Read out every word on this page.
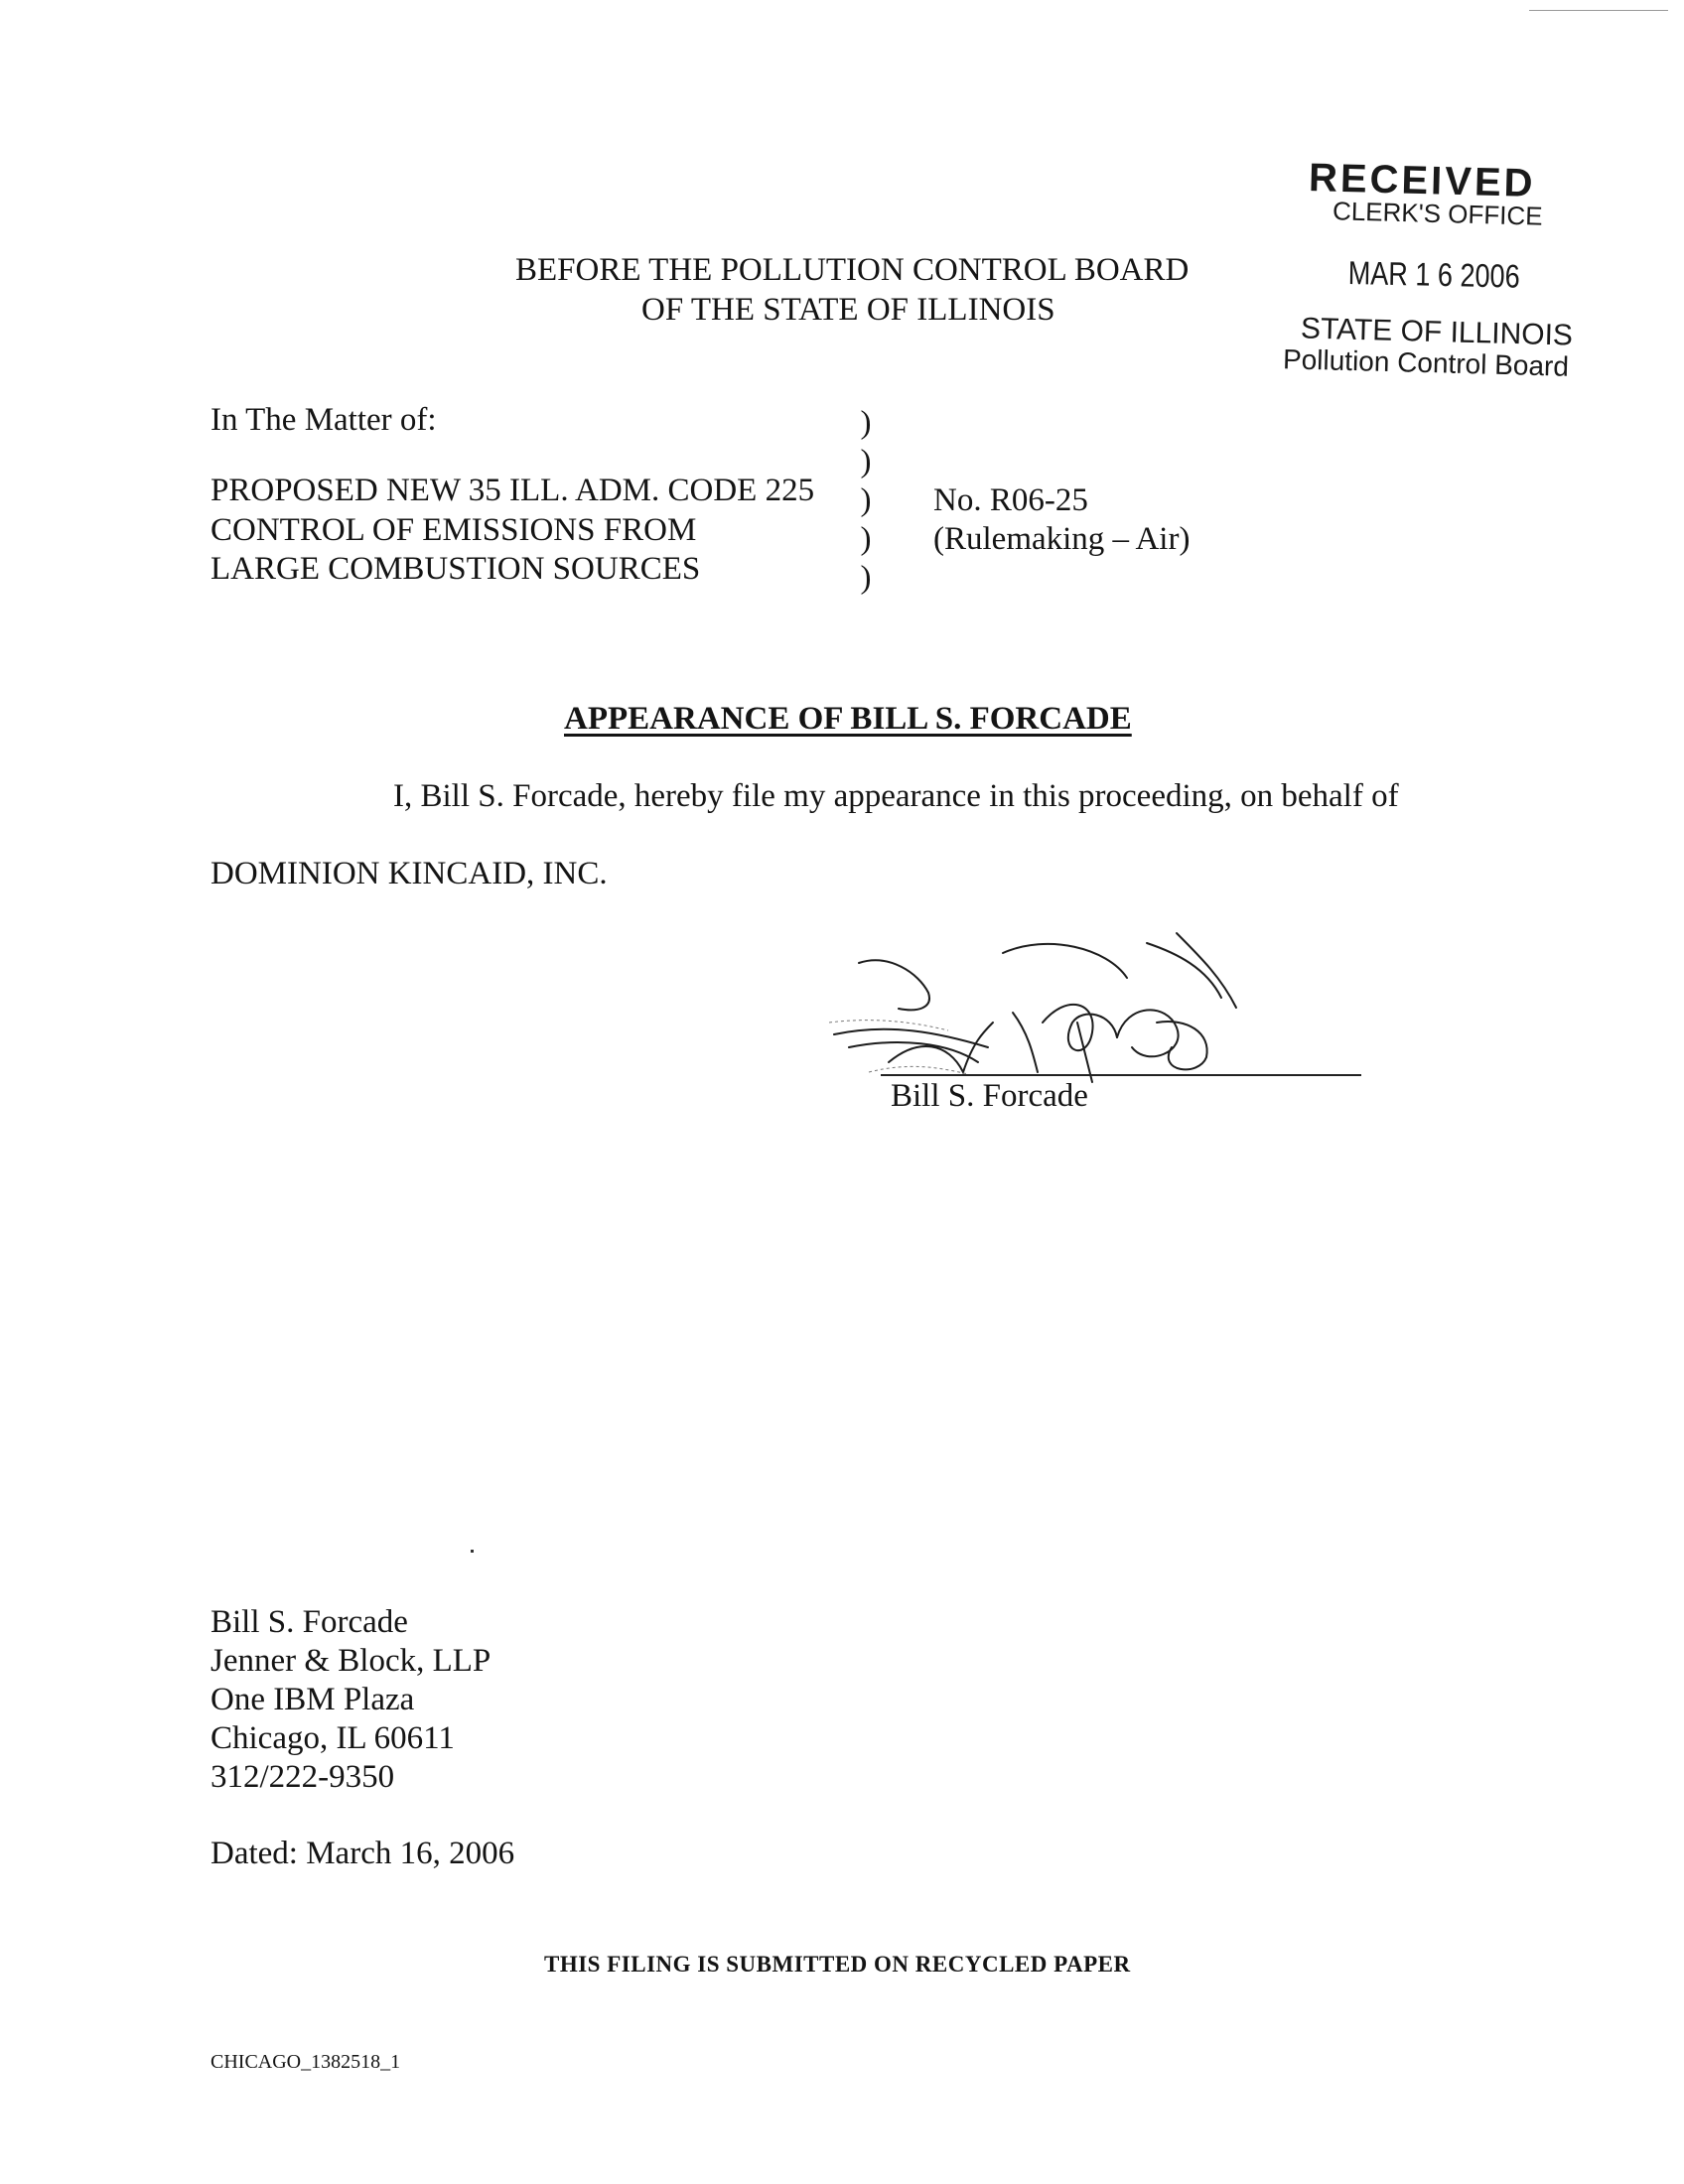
RECEIVED
CLERK'S OFFICE
MAR 1 6 2006
STATE OF ILLINOIS
Pollution Control Board
BEFORE THE POLLUTION CONTROL BOARD
OF THE STATE OF ILLINOIS
In The Matter of:
PROPOSED NEW 35 ILL. ADM. CODE 225
CONTROL OF EMISSIONS FROM
LARGE COMBUSTION SOURCES
)
)
)
)
)
No. R06-25
(Rulemaking – Air)
APPEARANCE OF BILL S. FORCADE
I, Bill S. Forcade, hereby file my appearance in this proceeding, on behalf of
DOMINION KINCAID, INC.
Bill S. Forcade
Bill S. Forcade
Jenner & Block, LLP
One IBM Plaza
Chicago, IL 60611
312/222-9350
Dated: March 16, 2006
THIS FILING IS SUBMITTED ON RECYCLED PAPER
CHICAGO_1382518_1
